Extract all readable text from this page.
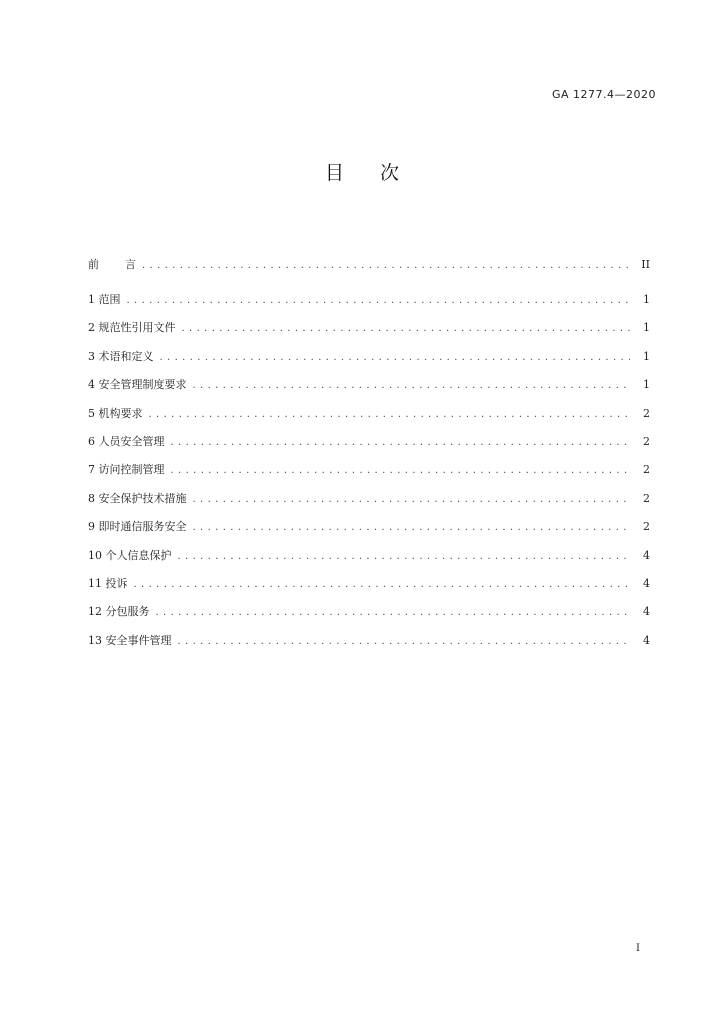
GA 1277.4—2020
目 次
前 言 . . .	II
1 范围 . . .	1
2 规范性引用文件 . . .	1
3 术语和定义 . . .	1
4 安全管理制度要求 . . .	1
5 机构要求 . . .	2
6 人员安全管理 . . .	2
7 访问控制管理 . . .	2
8 安全保护技术措施 . . .	2
9 即时通信服务安全 . . .	2
10 个人信息保护 . . .	4
11 投诉 . . .	4
12 分包服务 . . .	4
13 安全事件管理 . . .	4
I
